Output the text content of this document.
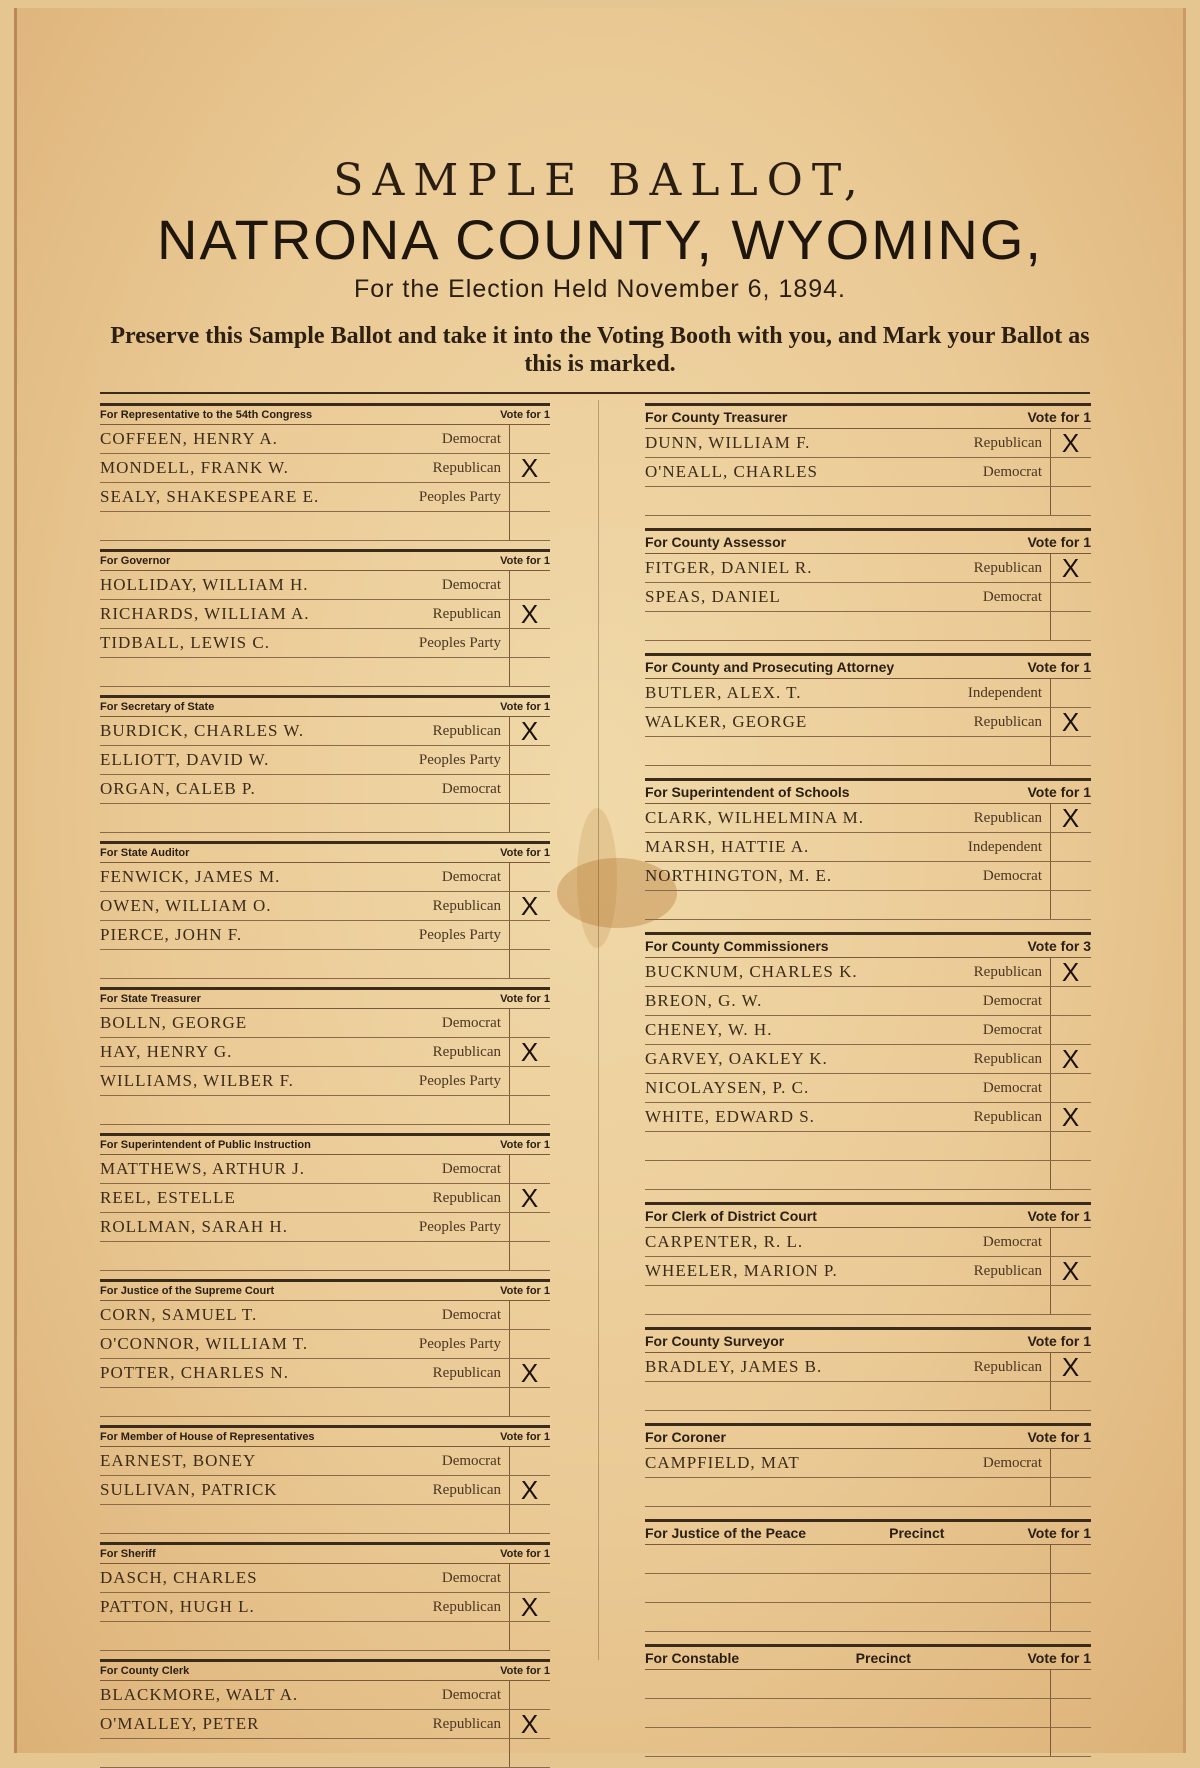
SAMPLE BALLOT,
NATRONA COUNTY, WYOMING,
For the Election Held November 6, 1894.
Preserve this Sample Ballot and take it into the Voting Booth with you, and Mark your Ballot as this is marked.
For Representative to the 54th Congress	Vote for 1
COFFEEN, HENRY A.	Democrat
MONDELL, FRANK W.	Republican X
SEALY, SHAKESPEARE E.	Peoples Party
For Governor	Vote for 1
HOLLIDAY, WILLIAM H.	Democrat
RICHARDS, WILLIAM A.	Republican X
TIDBALL, LEWIS C.	Peoples Party
For Secretary of State	Vote for 1
BURDICK, CHARLES W.	Republican X
ELLIOTT, DAVID W.	Peoples Party
ORGAN, CALEB P.	Democrat
For State Auditor	Vote for 1
FENWICK, JAMES M.	Democrat
OWEN, WILLIAM O.	Republican X
PIERCE, JOHN F.	Peoples Party
For State Treasurer	Vote for 1
BOLLN, GEORGE	Democrat
HAY, HENRY G.	Republican X
WILLIAMS, WILBER F.	Peoples Party
For Superintendent of Public Instruction	Vote for 1
MATTHEWS, ARTHUR J.	Democrat
REEL, ESTELLE	Republican X
ROLLMAN, SARAH H.	Peoples Party
For Justice of the Supreme Court	Vote for 1
CORN, SAMUEL T.	Democrat
O'CONNOR, WILLIAM T.	Peoples Party
POTTER, CHARLES N.	Republican X
For Member of House of Representatives	Vote for 1
EARNEST, BONEY	Democrat
SULLIVAN, PATRICK	Republican X
For Sheriff	Vote for 1
DASCH, CHARLES	Democrat
PATTON, HUGH L.	Republican X
For County Clerk	Vote for 1
BLACKMORE, WALT A.	Democrat
O'MALLEY, PETER	Republican X
For County Treasurer	Vote for 1
DUNN, WILLIAM F.	Republican X
O'NEALL, CHARLES	Democrat
For County Assessor	Vote for 1
FITGER, DANIEL R.	Republican X
SPEAS, DANIEL	Democrat
For County and Prosecuting Attorney	Vote for 1
BUTLER, ALEX. T.	Independent
WALKER, GEORGE	Republican X
For Superintendent of Schools	Vote for 1
CLARK, WILHELMINA M.	Republican X
MARSH, HATTIE A.	Independent
NORTHINGTON, M. E.	Democrat
For County Commissioners	Vote for 3
BUCKNUM, CHARLES K.	Republican X
BREON, G. W.	Democrat
CHENEY, W. H.	Democrat
GARVEY, OAKLEY K.	Republican X
NICOLAYSEN, P. C.	Democrat
WHITE, EDWARD S.	Republican X
For Clerk of District Court	Vote for 1
CARPENTER, R. L.	Democrat
WHEELER, MARION P.	Republican X
For County Surveyor	Vote for 1
BRADLEY, JAMES B.	Republican X
For Coroner	Vote for 1
CAMPFIELD, MAT	Democrat
For Justice of the Peace	Precinct	Vote for 1
For Constable	Precinct	Vote for 1
